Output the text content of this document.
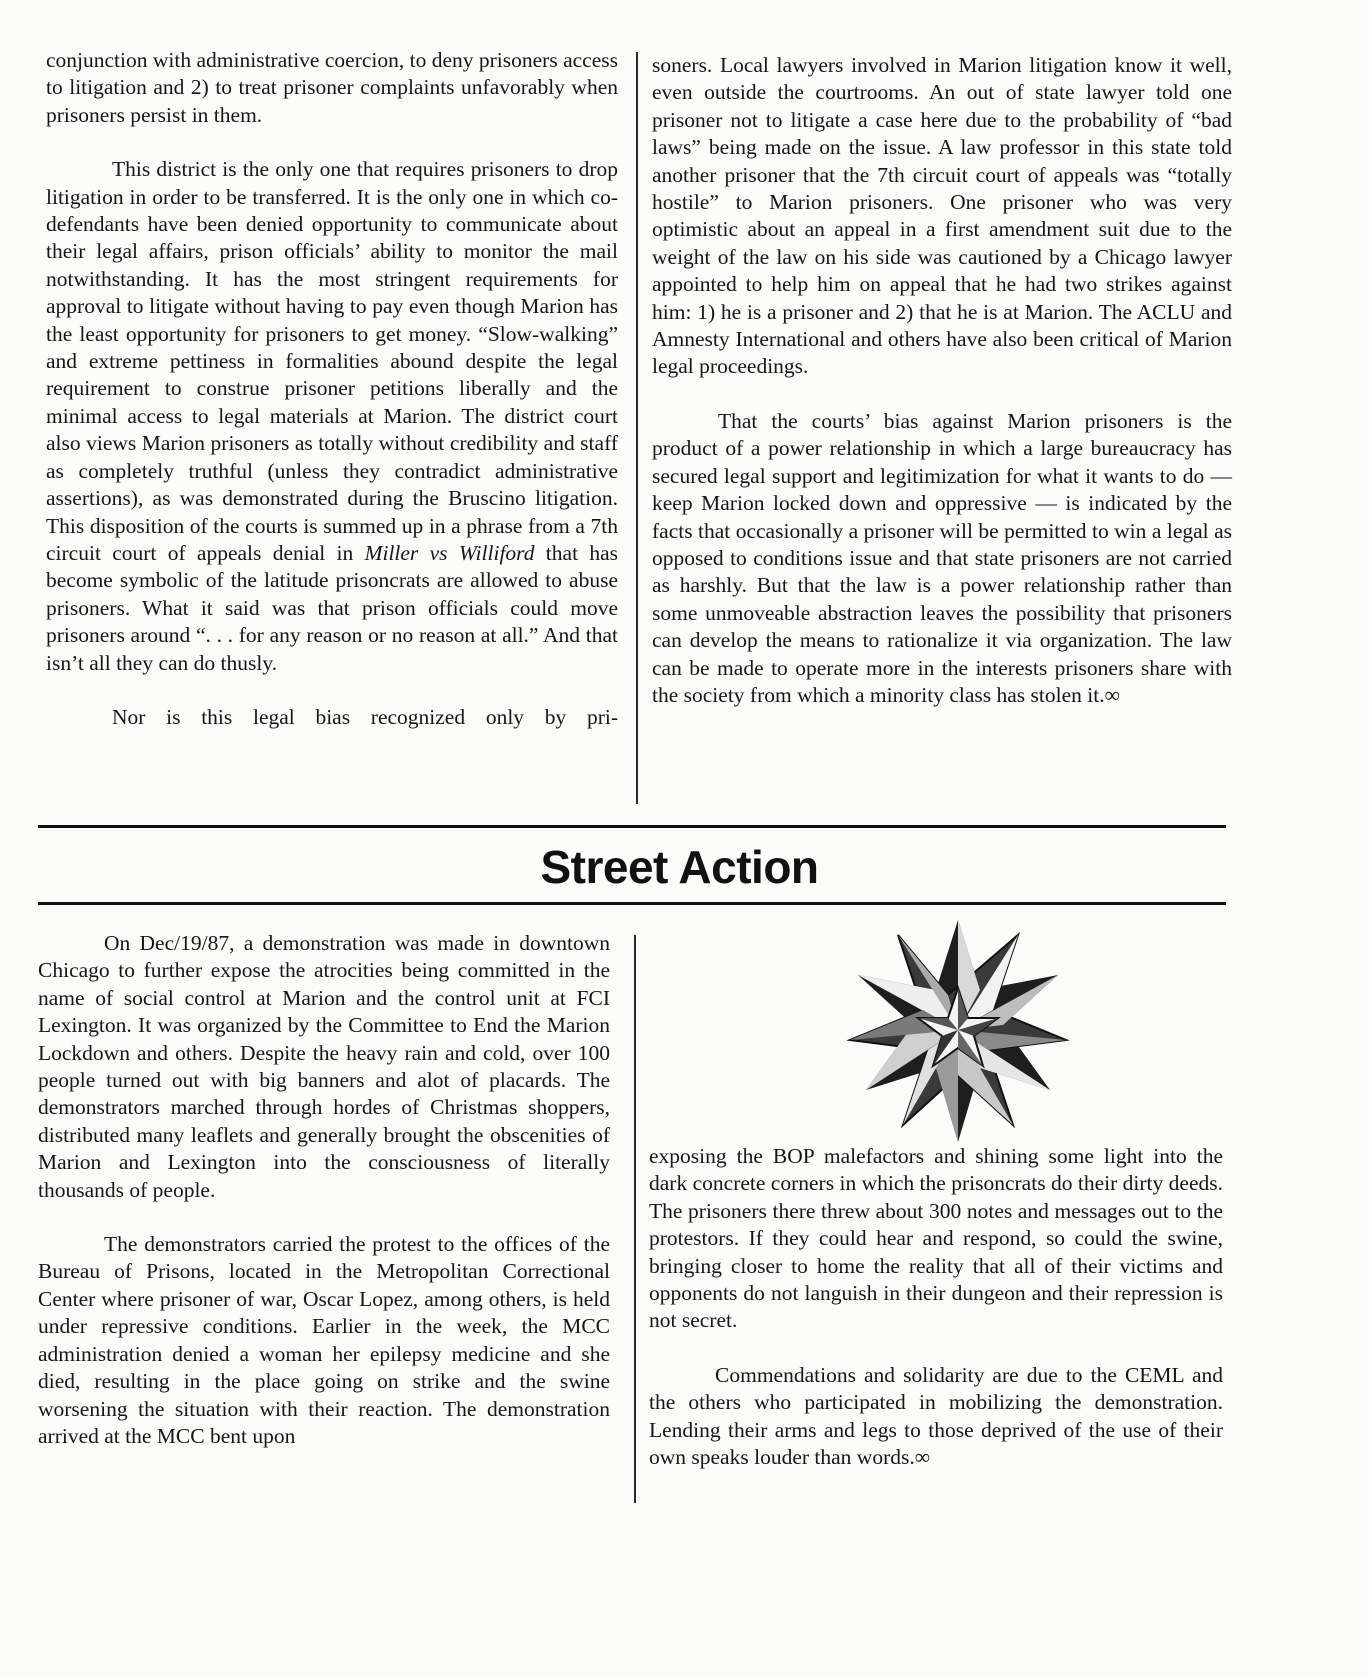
conjunction with administrative coercion, to deny prisoners access to litigation and 2) to treat prisoner complaints unfavorably when prisoners persist in them.

This district is the only one that requires prisoners to drop litigation in order to be transferred. It is the only one in which co-defendants have been denied opportunity to communicate about their legal affairs, prison officials’ ability to monitor the mail notwithstanding. It has the most stringent requirements for approval to litigate without having to pay even though Marion has the least opportunity for prisoners to get money. “Slow-walking” and extreme pettiness in formalities abound despite the legal requirement to construe prisoner petitions liberally and the minimal access to legal materials at Marion. The district court also views Marion prisoners as totally without credibility and staff as completely truthful (unless they contradict administrative assertions), as was demonstrated during the Bruscino litigation. This disposition of the courts is summed up in a phrase from a 7th circuit court of appeals denial in Miller vs Williford that has become symbolic of the latitude prisoncrats are allowed to abuse prisoners. What it said was that prison officials could move prisoners around “. . . for any reason or no reason at all.” And that isn’t all they can do thusly.

Nor is this legal bias recognized only by pri-

soners. Local lawyers involved in Marion litigation know it well, even outside the courtrooms. An out of state lawyer told one prisoner not to litigate a case here due to the probability of “bad laws” being made on the issue. A law professor in this state told another prisoner that the 7th circuit court of appeals was “totally hostile” to Marion prisoners. One prisoner who was very optimistic about an appeal in a first amendment suit due to the weight of the law on his side was cautioned by a Chicago lawyer appointed to help him on appeal that he had two strikes against him: 1) he is a prisoner and 2) that he is at Marion. The ACLU and Amnesty International and others have also been critical of Marion legal proceedings.

That the courts’ bias against Marion prisoners is the product of a power relationship in which a large bureaucracy has secured legal support and legitimization for what it wants to do — keep Marion locked down and oppressive — is indicated by the facts that occasionally a prisoner will be permitted to win a legal as opposed to conditions issue and that state prisoners are not carried as harshly. But that the law is a power relationship rather than some unmoveable abstraction leaves the possibility that prisoners can develop the means to rationalize it via organization. The law can be made to operate more in the interests prisoners share with the society from which a minority class has stolen it.∞

Street Action

On Dec/19/87, a demonstration was made in downtown Chicago to further expose the atrocities being committed in the name of social control at Marion and the control unit at FCI Lexington. It was organized by the Committee to End the Marion Lockdown and others. Despite the heavy rain and cold, over 100 people turned out with big banners and alot of placards. The demonstrators marched through hordes of Christmas shoppers, distributed many leaflets and generally brought the obscenities of Marion and Lexington into the consciousness of literally thousands of people.

The demonstrators carried the protest to the offices of the Bureau of Prisons, located in the Metropolitan Correctional Center where prisoner of war, Oscar Lopez, among others, is held under repressive conditions. Earlier in the week, the MCC administration denied a woman her epilepsy medicine and she died, resulting in the place going on strike and the swine worsening the situation with their reaction. The demonstration arrived at the MCC bent upon

exposing the BOP malefactors and shining some light into the dark concrete corners in which the prisoncrats do their dirty deeds. The prisoners there threw about 300 notes and messages out to the protestors. If they could hear and respond, so could the swine, bringing closer to home the reality that all of their victims and opponents do not languish in their dungeon and their repression is not secret.

Commendations and solidarity are due to the CEML and the others who participated in mobilizing the demonstration. Lending their arms and legs to those deprived of the use of their own speaks louder than words.∞
